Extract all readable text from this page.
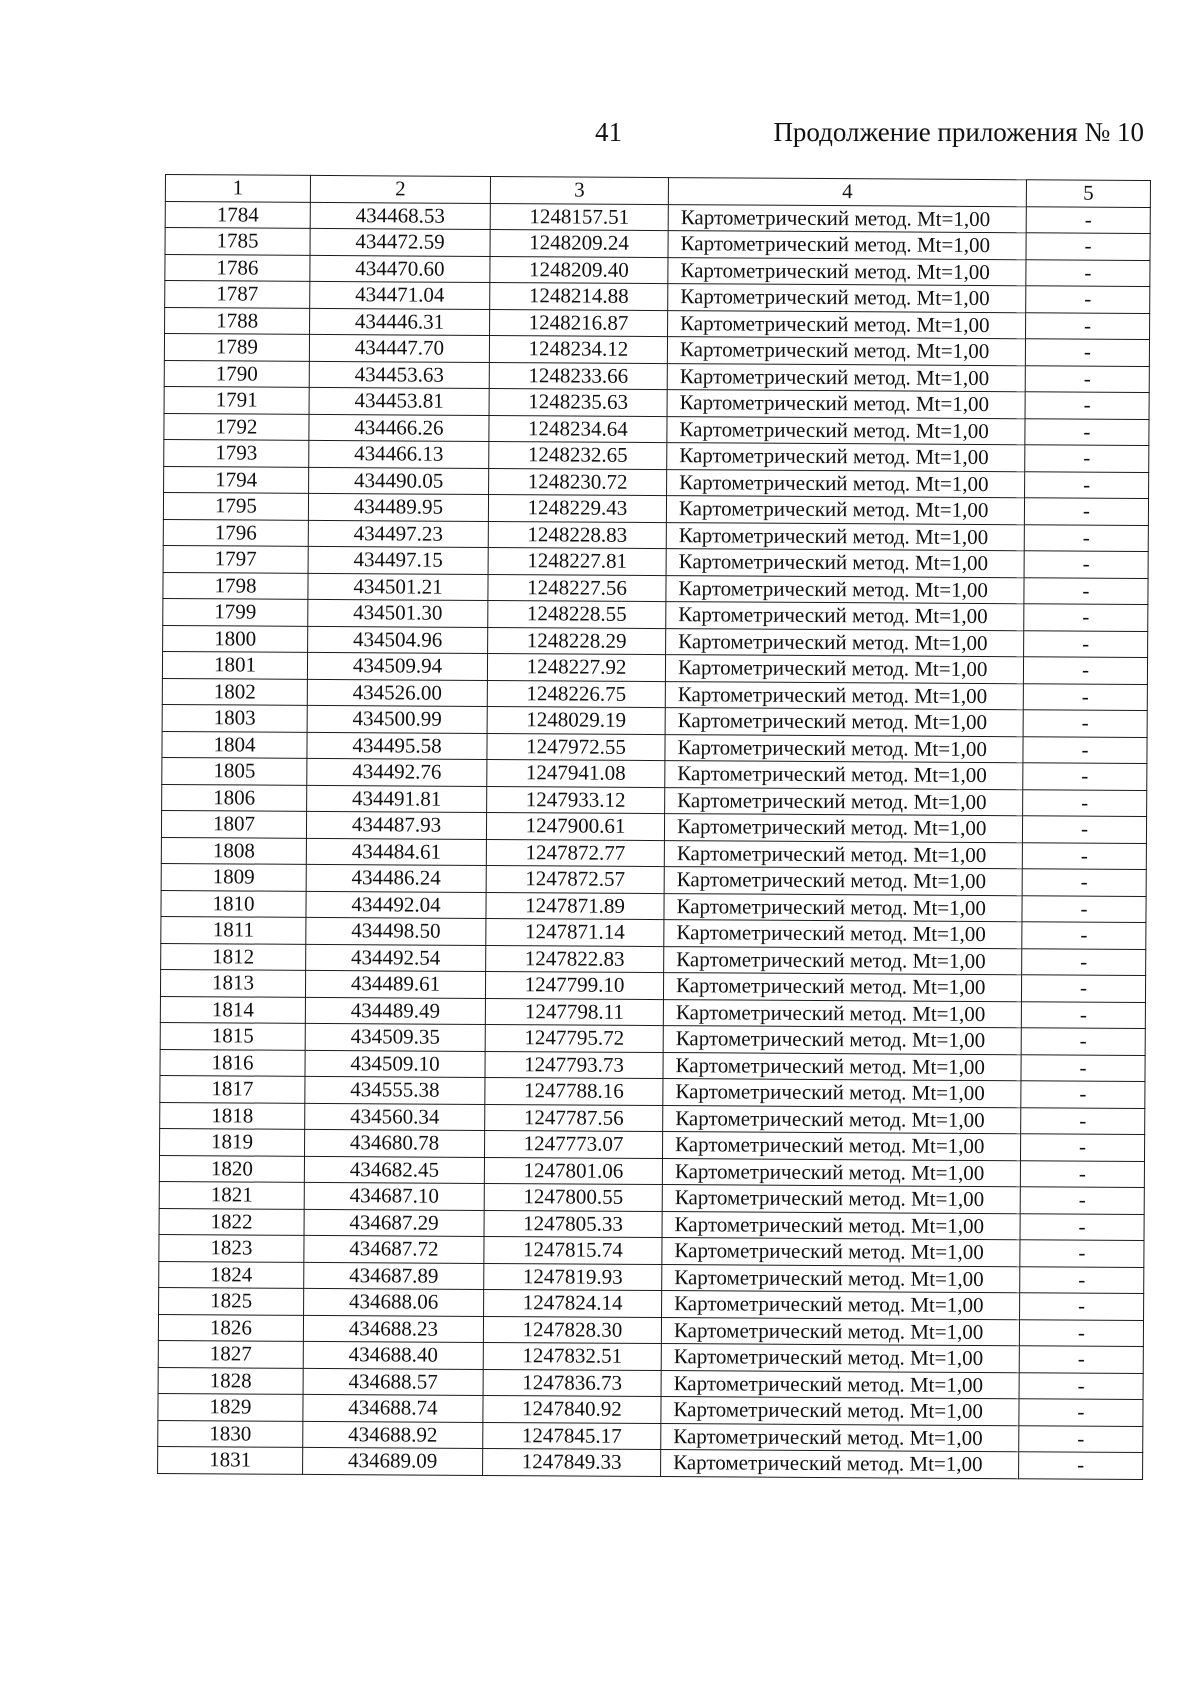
41	Продолжение приложения № 10
1	2	3	4	5
1784	434468.53	1248157.51	Картометрический метод. Mt=1,00	-
1785	434472.59	1248209.24	Картометрический метод. Mt=1,00	-
1786	434470.60	1248209.40	Картометрический метод. Mt=1,00	-
1787	434471.04	1248214.88	Картометрический метод. Mt=1,00	-
1788	434446.31	1248216.87	Картометрический метод. Mt=1,00	-
1789	434447.70	1248234.12	Картометрический метод. Mt=1,00	-
1790	434453.63	1248233.66	Картометрический метод. Mt=1,00	-
1791	434453.81	1248235.63	Картометрический метод. Mt=1,00	-
1792	434466.26	1248234.64	Картометрический метод. Mt=1,00	-
1793	434466.13	1248232.65	Картометрический метод. Mt=1,00	-
1794	434490.05	1248230.72	Картометрический метод. Mt=1,00	-
1795	434489.95	1248229.43	Картометрический метод. Mt=1,00	-
1796	434497.23	1248228.83	Картометрический метод. Mt=1,00	-
1797	434497.15	1248227.81	Картометрический метод. Mt=1,00	-
1798	434501.21	1248227.56	Картометрический метод. Mt=1,00	-
1799	434501.30	1248228.55	Картометрический метод. Mt=1,00	-
1800	434504.96	1248228.29	Картометрический метод. Mt=1,00	-
1801	434509.94	1248227.92	Картометрический метод. Mt=1,00	-
1802	434526.00	1248226.75	Картометрический метод. Mt=1,00	-
1803	434500.99	1248029.19	Картометрический метод. Mt=1,00	-
1804	434495.58	1247972.55	Картометрический метод. Mt=1,00	-
1805	434492.76	1247941.08	Картометрический метод. Mt=1,00	-
1806	434491.81	1247933.12	Картометрический метод. Mt=1,00	-
1807	434487.93	1247900.61	Картометрический метод. Mt=1,00	-
1808	434484.61	1247872.77	Картометрический метод. Mt=1,00	-
1809	434486.24	1247872.57	Картометрический метод. Mt=1,00	-
1810	434492.04	1247871.89	Картометрический метод. Mt=1,00	-
1811	434498.50	1247871.14	Картометрический метод. Mt=1,00	-
1812	434492.54	1247822.83	Картометрический метод. Mt=1,00	-
1813	434489.61	1247799.10	Картометрический метод. Mt=1,00	-
1814	434489.49	1247798.11	Картометрический метод. Mt=1,00	-
1815	434509.35	1247795.72	Картометрический метод. Mt=1,00	-
1816	434509.10	1247793.73	Картометрический метод. Mt=1,00	-
1817	434555.38	1247788.16	Картометрический метод. Mt=1,00	-
1818	434560.34	1247787.56	Картометрический метод. Mt=1,00	-
1819	434680.78	1247773.07	Картометрический метод. Mt=1,00	-
1820	434682.45	1247801.06	Картометрический метод. Mt=1,00	-
1821	434687.10	1247800.55	Картометрический метод. Mt=1,00	-
1822	434687.29	1247805.33	Картометрический метод. Mt=1,00	-
1823	434687.72	1247815.74	Картометрический метод. Mt=1,00	-
1824	434687.89	1247819.93	Картометрический метод. Mt=1,00	-
1825	434688.06	1247824.14	Картометрический метод. Mt=1,00	-
1826	434688.23	1247828.30	Картометрический метод. Mt=1,00	-
1827	434688.40	1247832.51	Картометрический метод. Mt=1,00	-
1828	434688.57	1247836.73	Картометрический метод. Mt=1,00	-
1829	434688.74	1247840.92	Картометрический метод. Mt=1,00	-
1830	434688.92	1247845.17	Картометрический метод. Mt=1,00	-
1831	434689.09	1247849.33	Картометрический метод. Mt=1,00	-
